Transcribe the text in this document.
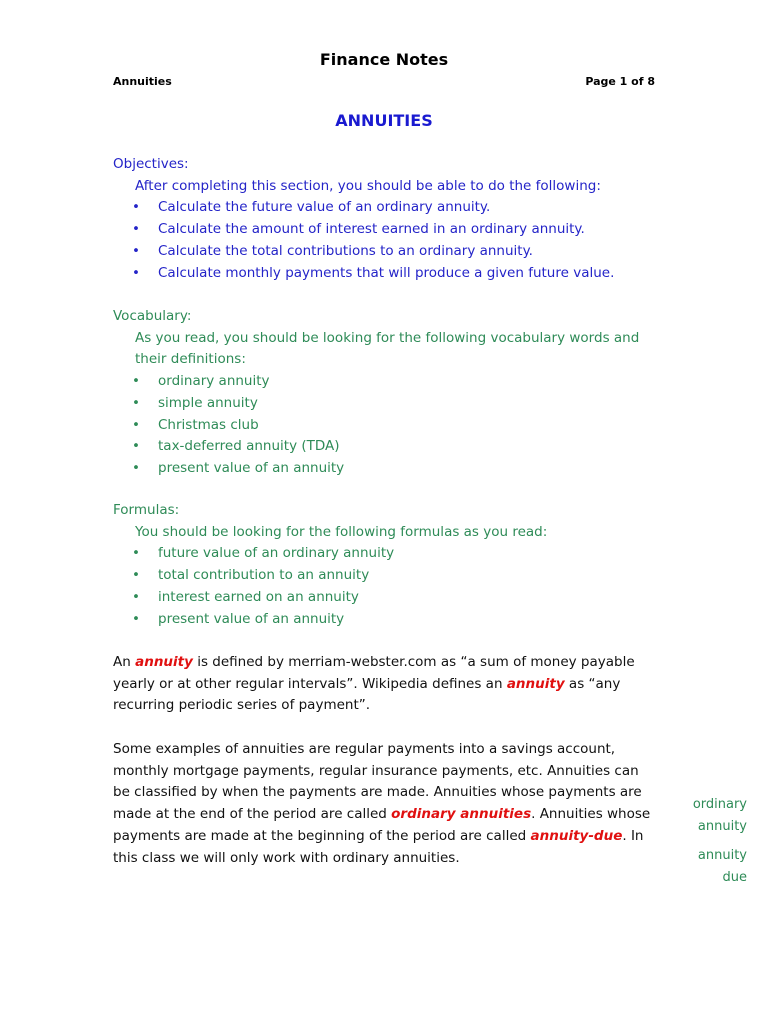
Finance Notes
Annuities	Page 1 of 8
ANNUITIES
Objectives:
After completing this section, you should be able to do the following:
• Calculate the future value of an ordinary annuity.
• Calculate the amount of interest earned in an ordinary annuity.
• Calculate the total contributions to an ordinary annuity.
• Calculate monthly payments that will produce a given future value.
Vocabulary:
As you read, you should be looking for the following vocabulary words and their definitions:
• ordinary annuity
• simple annuity
• Christmas club
• tax-deferred annuity (TDA)
• present value of an annuity
Formulas:
You should be looking for the following formulas as you read:
• future value of an ordinary annuity
• total contribution to an annuity
• interest earned on an annuity
• present value of an annuity

An annuity is defined by merriam-webster.com as “a sum of money payable yearly or at other regular intervals”. Wikipedia defines an annuity as “any recurring periodic series of payment”.

Some examples of annuities are regular payments into a savings account, monthly mortgage payments, regular insurance payments, etc. Annuities can be classified by when the payments are made. Annuities whose payments are made at the end of the period are called ordinary annuities. Annuities whose payments are made at the beginning of the period are called annuity-due. In this class we will only work with ordinary annuities.

ordinary
annuity
annuity
due
